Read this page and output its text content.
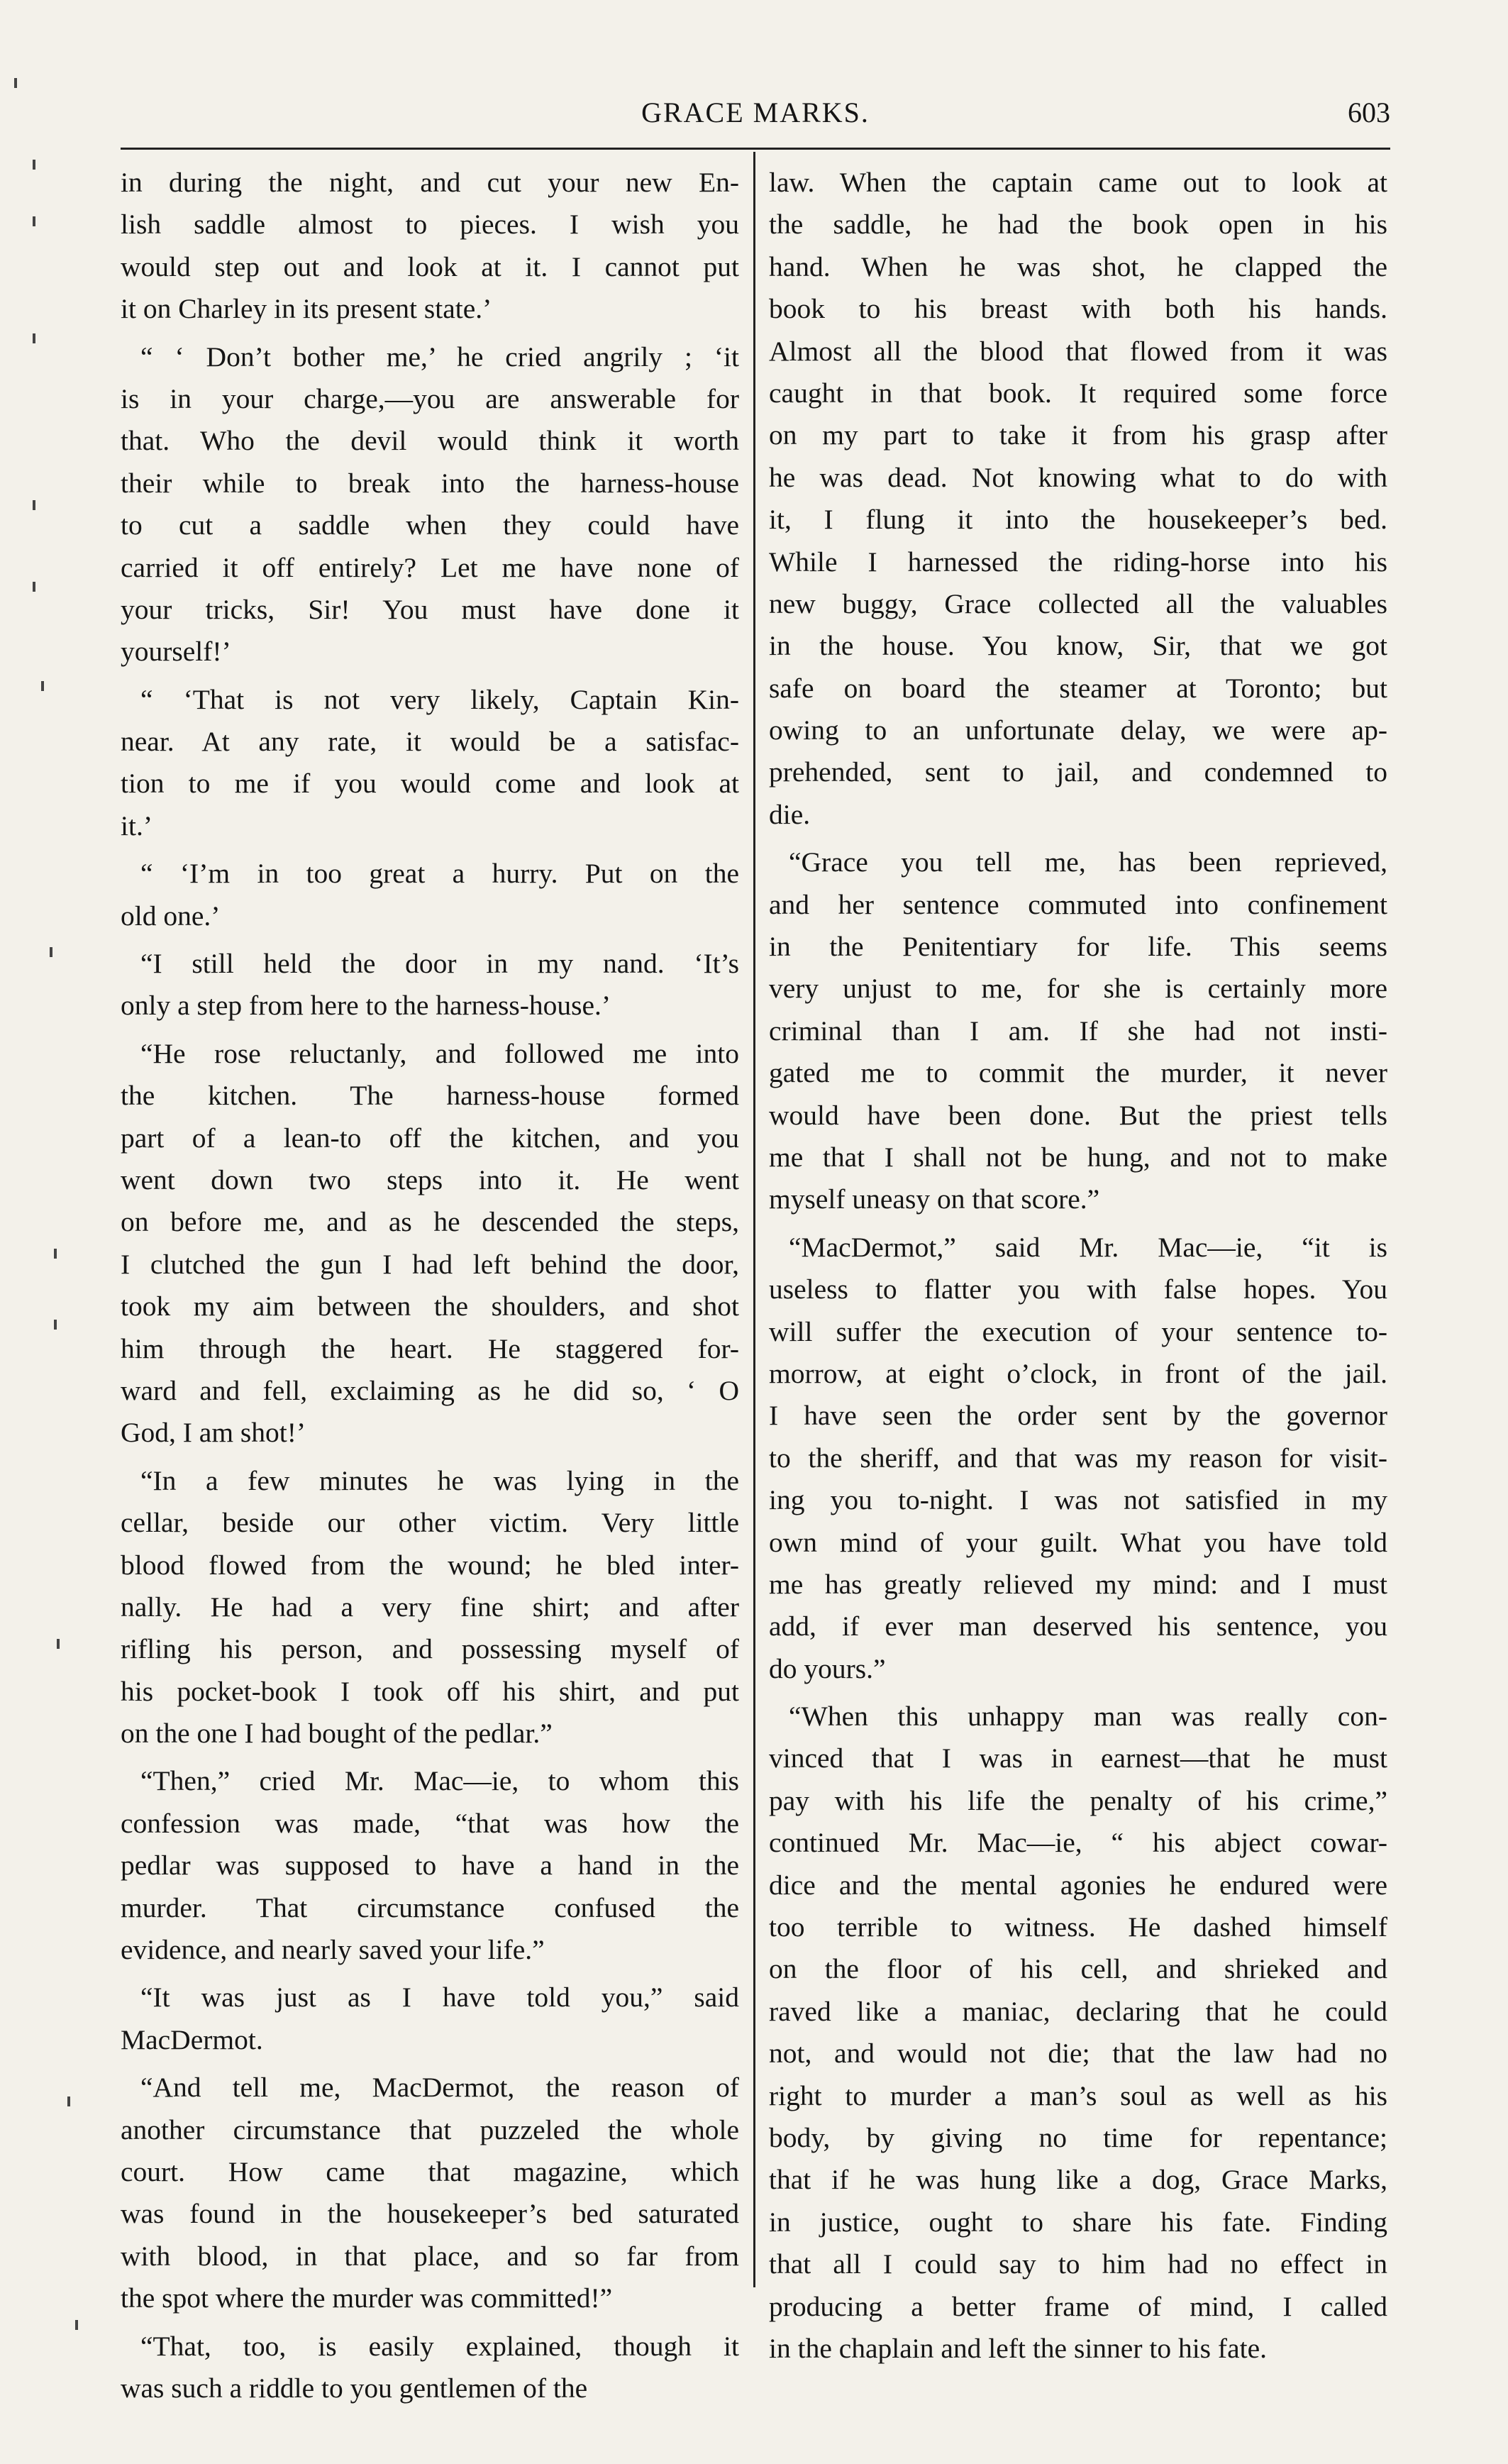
GRACE MARKS.	603
in during the night, and cut your new En-
lish saddle almost to pieces. I wish you
would step out and look at it. I cannot put
it on Charley in its present state.’
“ ‘ Don’t bother me,’ he cried angrily ; ‘it
is in your charge,—you are answerable for
that. Who the devil would think it worth
their while to break into the harness-house
to cut a saddle when they could have
carried it off entirely? Let me have none of
your tricks, Sir! You must have done it
yourself!’
“ ‘That is not very likely, Captain Kin-
near. At any rate, it would be a satisfac-
tion to me if you would come and look at
it.’
“ ‘I’m in too great a hurry. Put on the
old one.’
“I still held the door in my nand. ‘It’s
only a step from here to the harness-house.’
“He rose reluctanly, and followed me into
the kitchen. The harness-house formed
part of a lean-to off the kitchen, and you
went down two steps into it. He went
on before me, and as he descended the steps,
I clutched the gun I had left behind the door,
took my aim between the shoulders, and shot
him through the heart. He staggered for-
ward and fell, exclaiming as he did so, ‘ O
God, I am shot!’
“In a few minutes he was lying in the
cellar, beside our other victim. Very little
blood flowed from the wound; he bled inter-
nally. He had a very fine shirt; and after
rifling his person, and possessing myself of
his pocket-book I took off his shirt, and put
on the one I had bought of the pedlar.”
“Then,” cried Mr. Mac—ie, to whom this
confession was made, “that was how the
pedlar was supposed to have a hand in the
murder. That circumstance confused the
evidence, and nearly saved your life.”
“It was just as I have told you,” said
MacDermot.
“And tell me, MacDermot, the reason of
another circumstance that puzzeled the whole
court. How came that magazine, which
was found in the housekeeper’s bed saturated
with blood, in that place, and so far from
the spot where the murder was committed!”
“That, too, is easily explained, though it
was such a riddle to you gentlemen of the
law. When the captain came out to look at
the saddle, he had the book open in his
hand. When he was shot, he clapped the
book to his breast with both his hands.
Almost all the blood that flowed from it was
caught in that book. It required some force
on my part to take it from his grasp after
he was dead. Not knowing what to do with
it, I flung it into the housekeeper’s bed.
While I harnessed the riding-horse into his
new buggy, Grace collected all the valuables
in the house. You know, Sir, that we got
safe on board the steamer at Toronto; but
owing to an unfortunate delay, we were ap-
prehended, sent to jail, and condemned to
die.
“Grace you tell me, has been reprieved,
and her sentence commuted into confinement
in the Penitentiary for life. This seems
very unjust to me, for she is certainly more
criminal than I am. If she had not insti-
gated me to commit the murder, it never
would have been done. But the priest tells
me that I shall not be hung, and not to make
myself uneasy on that score.”
“MacDermot,” said Mr. Mac—ie, “it is
useless to flatter you with false hopes. You
will suffer the execution of your sentence to-
morrow, at eight o’clock, in front of the jail.
I have seen the order sent by the governor
to the sheriff, and that was my reason for visit-
ing you to-night. I was not satisfied in my
own mind of your guilt. What you have told
me has greatly relieved my mind: and I must
add, if ever man deserved his sentence, you
do yours.”
“When this unhappy man was really con-
vinced that I was in earnest—that he must
pay with his life the penalty of his crime,”
continued Mr. Mac—ie, “ his abject cowar-
dice and the mental agonies he endured were
too terrible to witness. He dashed himself
on the floor of his cell, and shrieked and
raved like a maniac, declaring that he could
not, and would not die; that the law had no
right to murder a man’s soul as well as his
body, by giving no time for repentance;
that if he was hung like a dog, Grace Marks,
in justice, ought to share his fate. Finding
that all I could say to him had no effect in
producing a better frame of mind, I called
in the chaplain and left the sinner to his fate.
